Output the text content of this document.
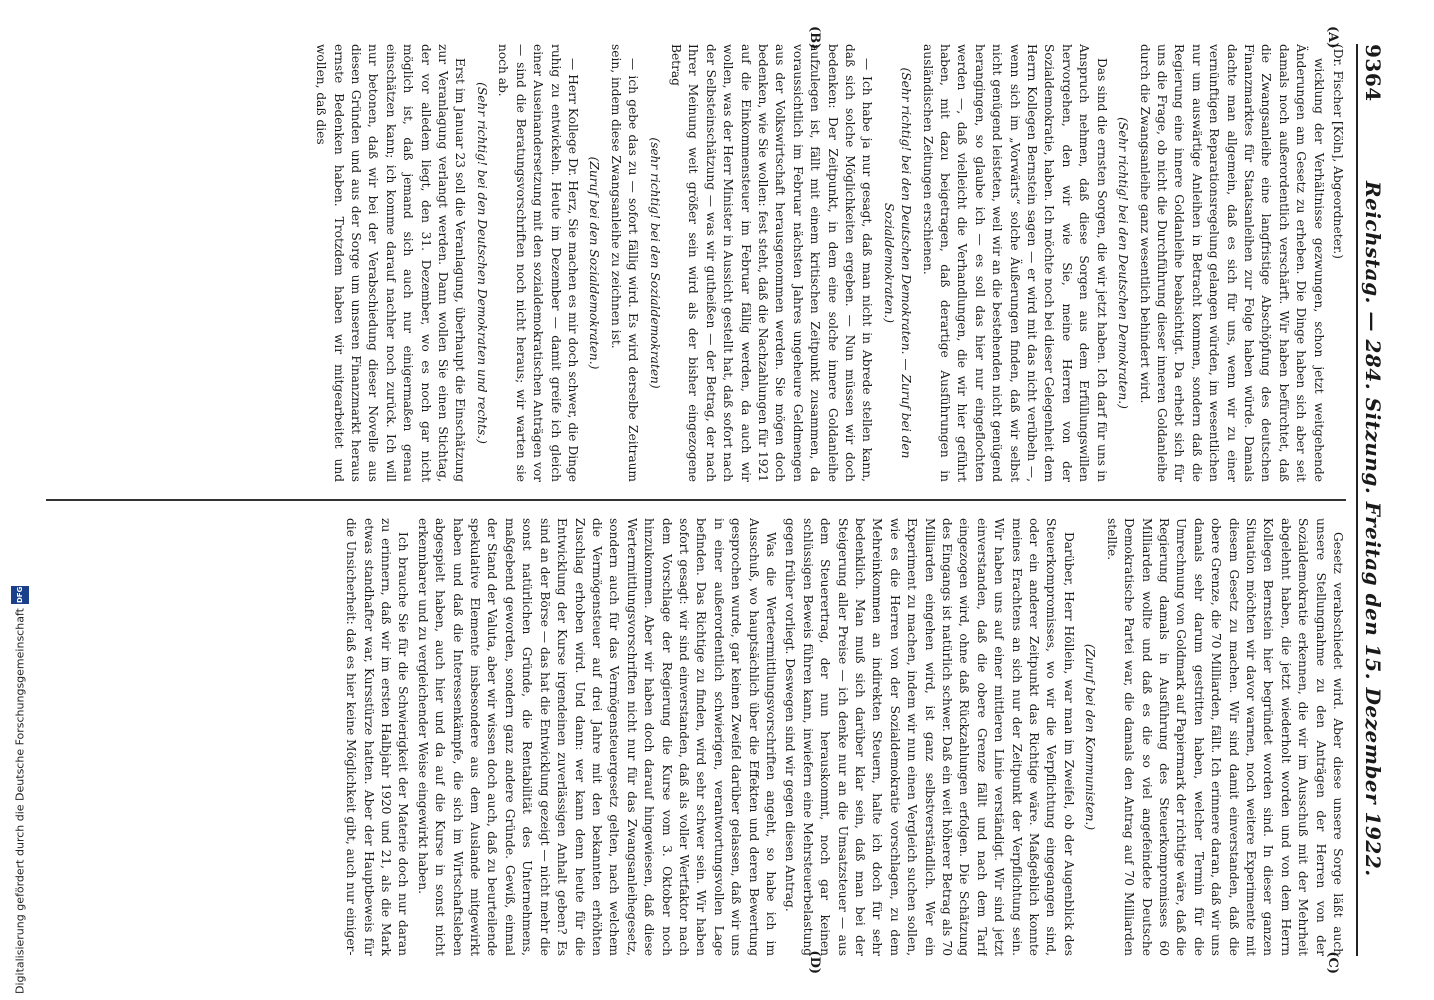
9364
Reichstag. — 284. Sitzung. Freitag den 15. Dezember 1922.
(A)
(B)
(C)
(D)

(Dr. Fischer [Köln], Abgeordneter.)

wicklung der Verhältnisse gezwungen, schon jetzt weitgehende Änderungen am Gesetz zu erheben. Die Dinge haben sich aber seit damals noch außerordentlich verschärft. Wir haben befürchtet, daß die Zwangsanleihe eine langfristige Abschöpfung des deutschen Finanzmarktes für Staatsanleihen zur Folge haben würde. Damals dachte man allgemein, daß es sich für uns, wenn wir zu einer vernünftigen Reparationsregelung gelangen würden, im wesentlichen nur um auswärtige Anleihen in Betracht kommen, sondern daß die Regierung eine innere Goldanleihe beabsichtigt. Da erhebt sich für uns die Frage, ob nicht die Durchführung dieser inneren Goldanleihe durch die Zwangsanleihe ganz wesentlich behindert wird.

(Sehr richtig! bei den Deutschen Demokraten.)

Das sind die ernsten Sorgen, die wir jetzt haben. Ich darf für uns in Anspruch nehmen, daß diese Sorgen aus dem Erfüllungswillen hervorgehen, den wir wie Sie, meine Herren von der Sozialdemokratie, haben. Ich möchte noch bei dieser Gelegenheit dem Herrn Kollegen Bernstein sagen — er wird mit das nicht verübeln —, wenn sich im „Vorwärts“ solche Äußerungen finden, daß wir selbst nicht genügend leisteten, weil wir an die bestehenden nicht genügend herangingen, so glaube ich — es soll das hier nur eingeflochten werden —, daß vielleicht die Verhandlungen, die wir hier geführt haben, mit dazu beigetragen, daß derartige Ausführungen in ausländischen Zeitungen erschienen.

(Sehr richtig! bei den Deutschen Demokraten. — Zuruf bei den Sozialdemokraten.)

— Ich habe ja nur gesagt, daß man nicht in Abrede stellen kann, daß sich solche Möglichkeiten ergeben. — Nun müssen wir doch bedenken: Der Zeitpunkt, in dem eine solche innere Goldanleihe aufzulegen ist, fällt mit einem kritischen Zeitpunkt zusammen, da voraussichtlich im Februar nächsten Jahres ungeheure Geldmengen aus der Volkswirtschaft herausgenommen werden. Sie mögen doch bedenken, wie Sie wollen: fest steht, daß die Nachzahlungen für 1921 auf die Einkommensteuer im Februar fällig werden, da auch wir wollen, was der Herr Minister in Aussicht gestellt hat, daß sofort nach der Selbsteinschätzung — was wir gutheißen — der Betrag, der nach Ihrer Meinung weit größer sein wird als der bisher eingezogene Betrag

(sehr richtig! bei den Sozialdemokraten)

— ich gebe das zu — sofort fällig wird. Es wird derselbe Zeitraum sein, indem diese Zwangsanleihe zu zeichnen ist.

(Zuruf bei den Sozialdemokraten.)

— Herr Kollege Dr. Herz, Sie machen es mir doch schwer, die Dinge ruhig zu entwickeln. Heute im Dezember — damit greife ich gleich einer Auseinandersetzung mit den sozialdemokratischen Anträgen vor — sind die Beratungsvorschriften noch nicht heraus; wir warten sie noch ab.

(Sehr richtig! bei den Deutschen Demokraten und rechts.)

Erst im Januar 23 soll die Veranlagung, überhaupt die Einschätzung zur Veranlagung verlangt werden. Dann wollen Sie einen Stichtag, der vor alledem liegt, den 31. Dezember, wo es noch gar nicht möglich ist, daß jemand sich auch nur einigermaßen genau einschätzen kann; ich komme darauf nachher noch zurück. Ich will nur betonen, daß wir bei der Verabschiedung dieser Novelle aus diesen Gründen und aus der Sorge um unseren Finanzmarkt heraus ernste Bedenken haben. Trotzdem haben wir mitgearbeitet und wollen, daß dies

Gesetz verabschiedet wird. Aber diese unsere Sorge läßt auch unsere Stellungnahme zu den Anträgen der Herren von der Sozialdemokratie erkennen, die wir im Ausschuß mit der Mehrheit abgelehnt haben, die jetzt wiederholt worden und von dem Herrn Kollegen Bernstein hier begründet worden sind. In dieser ganzen Situation möchten wir davor warnen, noch weitere Experimente mit diesem Gesetz zu machen. Wir sind damit einverstanden, daß die obere Grenze, die 70 Milliarden, fällt. Ich erinnere daran, daß wir uns damals sehr darum gestritten haben, welcher Termin für die Umrechnung von Goldmark auf Papiermark der richtige wäre, daß die Regierung damals in Ausführung des Steuerkompromisses 60 Milliarden wollte und daß es die so viel angefeindete Deutsche Demokratische Partei war, die damals den Antrag auf 70 Milliarden stellte.

(Zuruf bei den Kommunisten.)

Darüber, Herr Höllein, war man im Zweifel, ob der Augenblick des Steuerkompromisses, wo wir die Verpflichtung eingegangen sind, oder ein anderer Zeitpunkt das Richtige wäre. Maßgeblich konnte meines Erachtens an sich nur der Zeitpunkt der Verpflichtung sein. Wir haben uns auf einer mittleren Linie verständigt. Wir sind jetzt einverstanden, daß die obere Grenze fällt und nach dem Tarif eingezogen wird, ohne daß Rückzahlungen erfolgen. Die Schätzung des Eingangs ist natürlich schwer. Daß ein weit höherer Betrag als 70 Milliarden eingehen wird, ist ganz selbstverständlich. Wer ein Experiment zu machen, indem wir nun einen Vergleich suchen sollen, wie es die Herren von der Sozialdemokratie vorschlagen, zu dem Mehreinkommen an indirekten Steuern, halte ich doch für sehr bedenklich. Man muß sich darüber klar sein, daß man bei der Steigerung aller Preise — ich denke nur an die Umsatzsteuer — aus dem Steuerertrag, der nun herauskommt, noch gar keinen schlüssigen Beweis führen kann, inwiefern eine Mehrsteuerbelastung gegen früher vorliegt. Deswegen sind wir gegen diesen Antrag.

Was die Werteermittlungsvorschriften angeht, so habe ich im Ausschuß, wo hauptsächlich über die Effekten und deren Bewertung gesprochen wurde, gar keinen Zweifel darüber gelassen, daß wir uns in einer außerordentlich schwierigen, verantwortungsvollen Lage befinden. Das Richtige zu finden, wird sehr schwer sein. Wir haben sofort gesagt: wir sind einverstanden, daß als voller Wertfaktor nach dem Vorschlage der Regierung die Kurse vom 3. Oktober noch hinzukommen. Aber wir haben doch darauf hingewiesen, daß diese Wertermittlungsvorschriften nicht nur für das Zwangsanleihegesetz, sondern auch für das Vermögensteuergesetz gelten, nach welchem die Vermögensteuer auf drei Jahre mit den bekannten erhöhten Zuschlag erhoben wird. Und dann: wer kann denn heute für die Entwicklung der Kurse irgendeinen zuverlässigen Anhalt geben? Es sind an der Börse — das hat die Entwicklung gezeigt — nicht mehr die sonst natürlichen Gründe, die Rentabilität des Unternehmens, maßgebend geworden, sondern ganz andere Gründe. Gewiß, einmal der Stand der Valuta, aber wir wissen doch auch, daß zu beurteilende spekulative Elemente insbesondere aus dem Auslande mitgewirkt haben und daß die Interessenkämpfe, die sich im Wirtschaftsleben abgespielt haben, auch hier und da auf die Kurse in sonst nicht erkennbarer und zu vergleichender Weise eingewirkt haben.

Ich brauche Sie für die Schwierigkeit der Materie doch nur daran zu erinnern, daß wir im ersten Halbjahr 1920 und 21, als die Mark etwas standhafter war, Kursstürze hatten. Aber der Hauptbeweis für die Unsicherheit: daß es hier keine Möglichkeit gibt, auch nur einiger-

Digitalisierung gefördert durch die Deutsche Forschungsgemeinschaft
DFG
